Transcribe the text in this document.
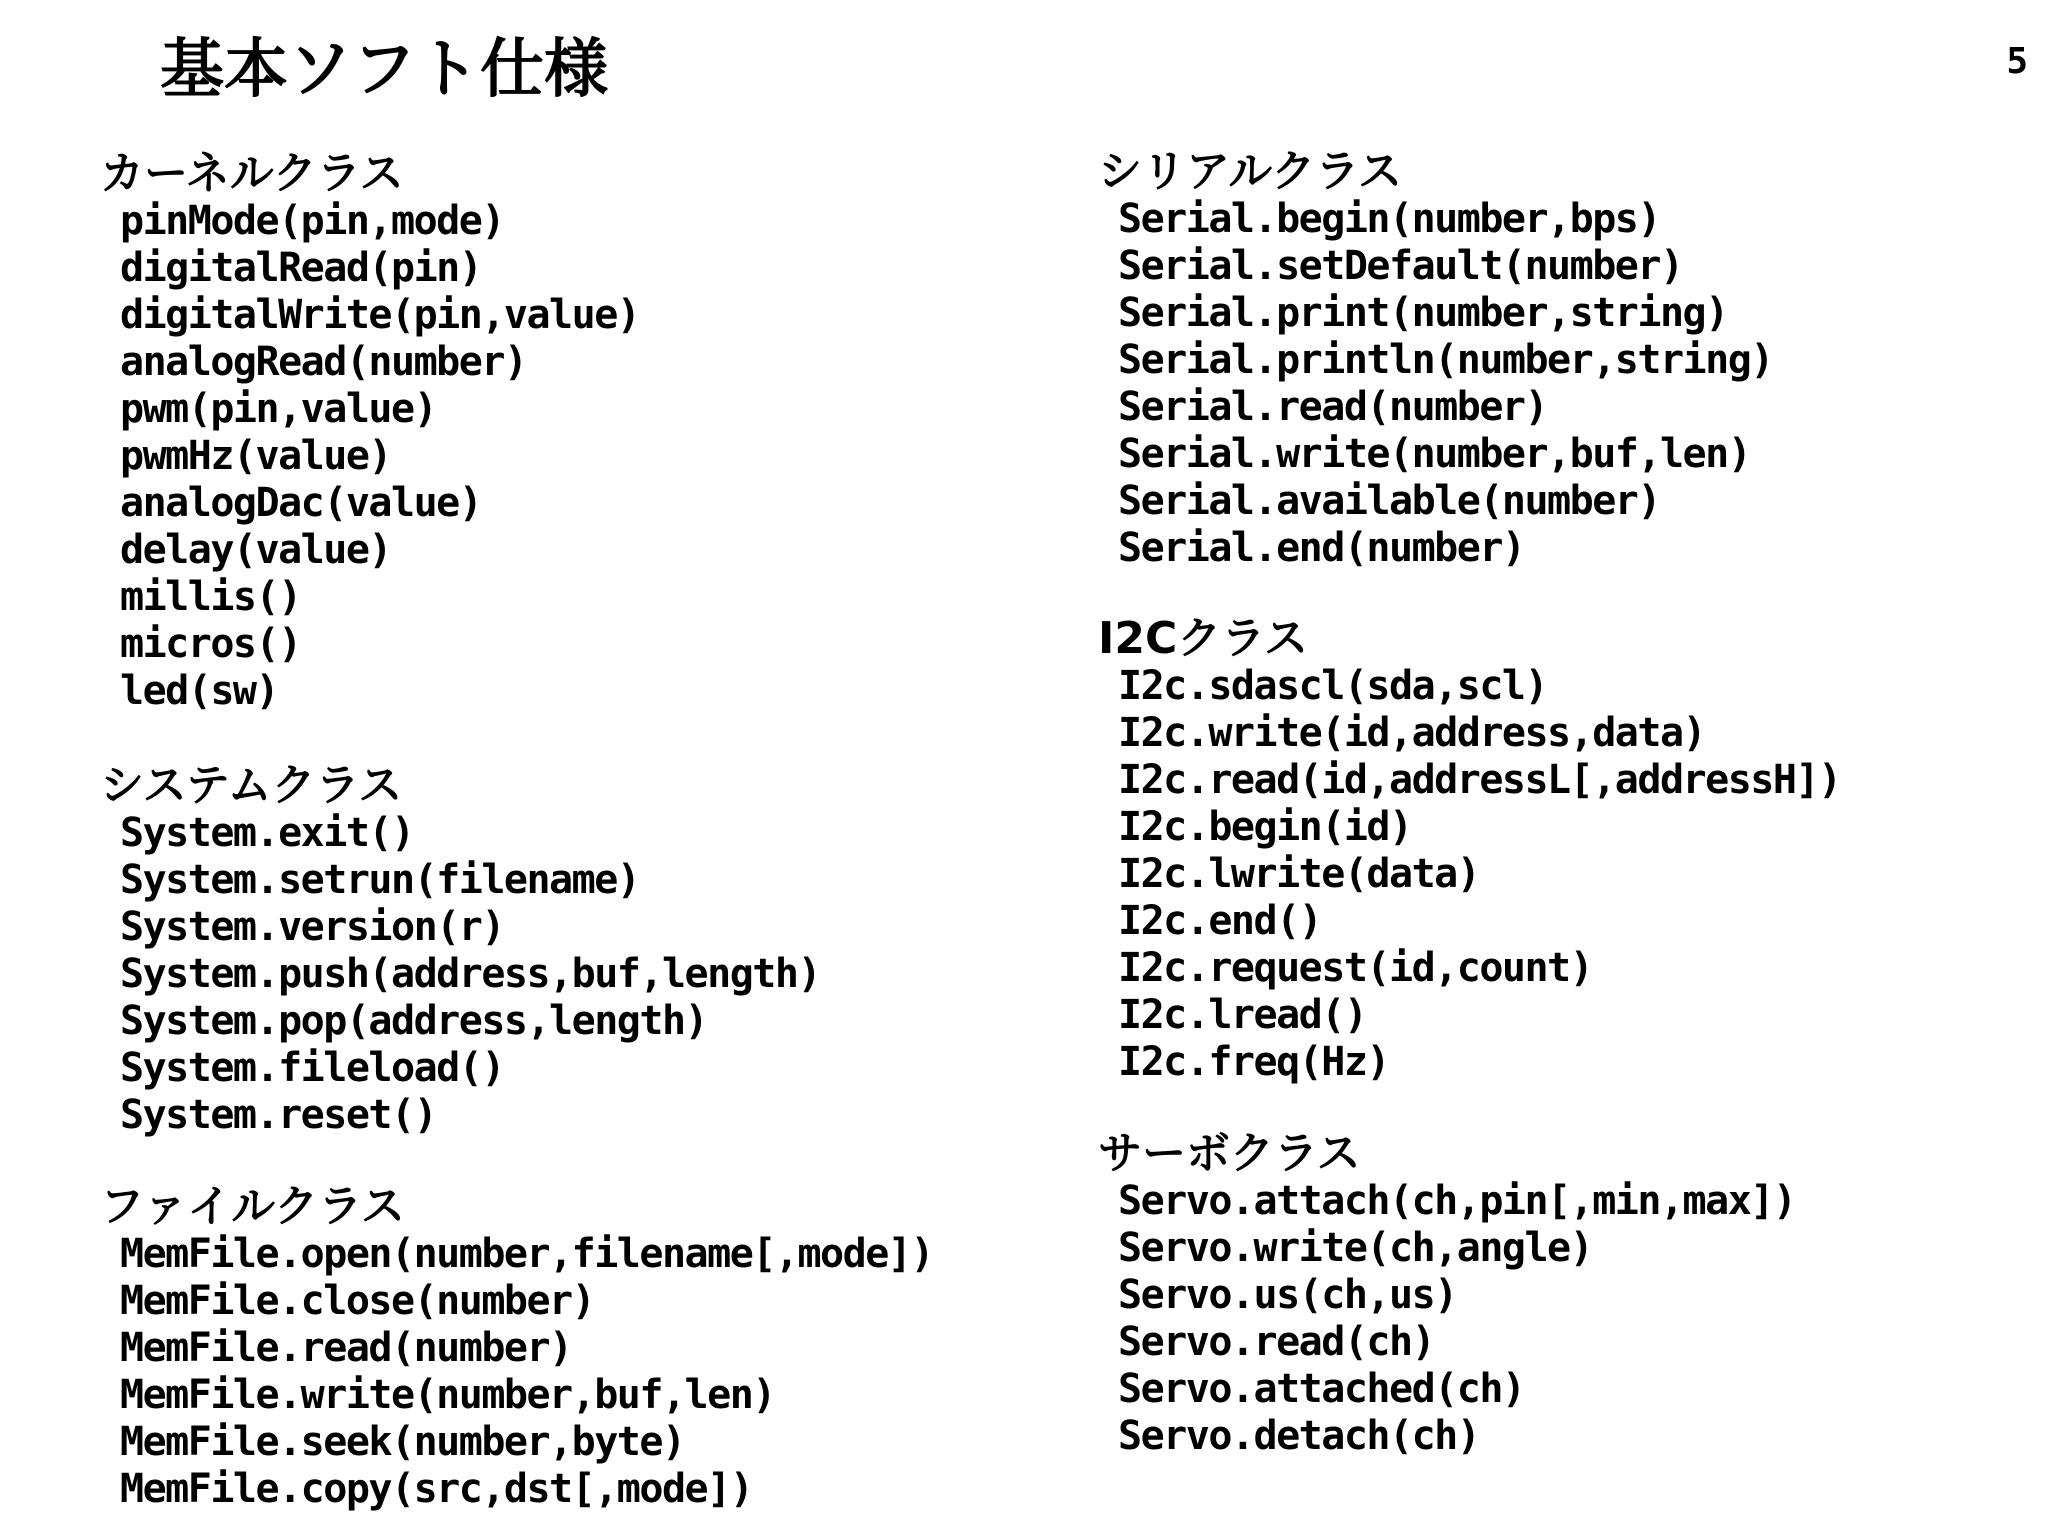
基本ソフト仕様	5
カーネルクラス
pinMode(pin,mode)
digitalRead(pin)
digitalWrite(pin,value)
analogRead(number)
pwm(pin,value)
pwmHz(value)
analogDac(value)
delay(value)
millis()
micros()
led(sw)
システムクラス
System.exit()
System.setrun(filename)
System.version(r)
System.push(address,buf,length)
System.pop(address,length)
System.fileload()
System.reset()
ファイルクラス
MemFile.open(number,filename[,mode])
MemFile.close(number)
MemFile.read(number)
MemFile.write(number,buf,len)
MemFile.seek(number,byte)
MemFile.copy(src,dst[,mode])
シリアルクラス
Serial.begin(number,bps)
Serial.setDefault(number)
Serial.print(number,string)
Serial.println(number,string)
Serial.read(number)
Serial.write(number,buf,len)
Serial.available(number)
Serial.end(number)
I2Cクラス
I2c.sdascl(sda,scl)
I2c.write(id,address,data)
I2c.read(id,addressL[,addressH])
I2c.begin(id)
I2c.lwrite(data)
I2c.end()
I2c.request(id,count)
I2c.lread()
I2c.freq(Hz)
サーボクラス
Servo.attach(ch,pin[,min,max])
Servo.write(ch,angle)
Servo.us(ch,us)
Servo.read(ch)
Servo.attached(ch)
Servo.detach(ch)
